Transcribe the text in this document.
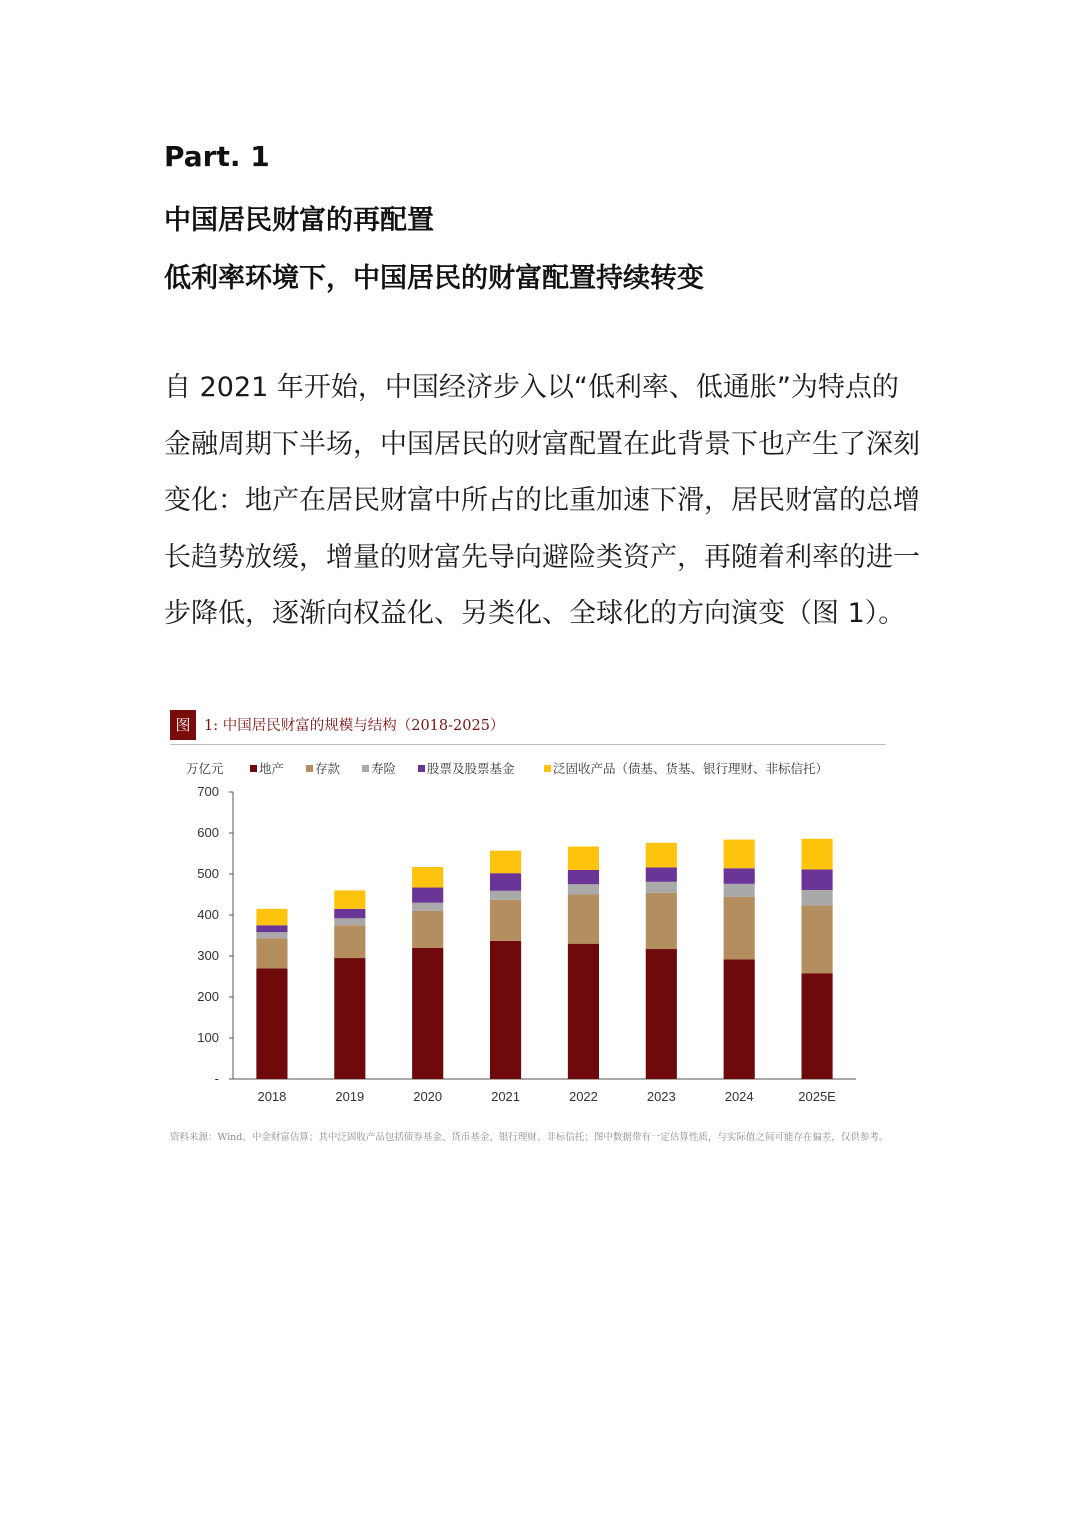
Part. 1
中国居民财富的再配置
低利率环境下，中国居民的财富配置持续转变
自 2021 年开始，中国经济步入以“低利率、低通胀”为特点的金融周期下半场，中国居民的财富配置在此背景下也产生了深刻变化：地产在居民财富中所占的比重加速下滑，居民财富的总增长趋势放缓，增量的财富先导向避险类资产，再随着利率的进一步降低，逐渐向权益化、另类化、全球化的方向演变（图 1）。
图 1: 中国居民财富的规模与结构（2018-2025）
万亿元	地产	存款	寿险	股票及股票基金	泛固收产品（债基、货基、银行理财、非标信托）
-
100
200
300
400
500
600
700
2018	2019	2020	2021	2022	2023	2024	2025E
资料来源：Wind，中金财富估算；其中泛固收产品包括债券基金、货币基金、银行理财、非标信托；图中数据带有一定估算性质，与实际值之间可能存在偏差，仅供参考。
